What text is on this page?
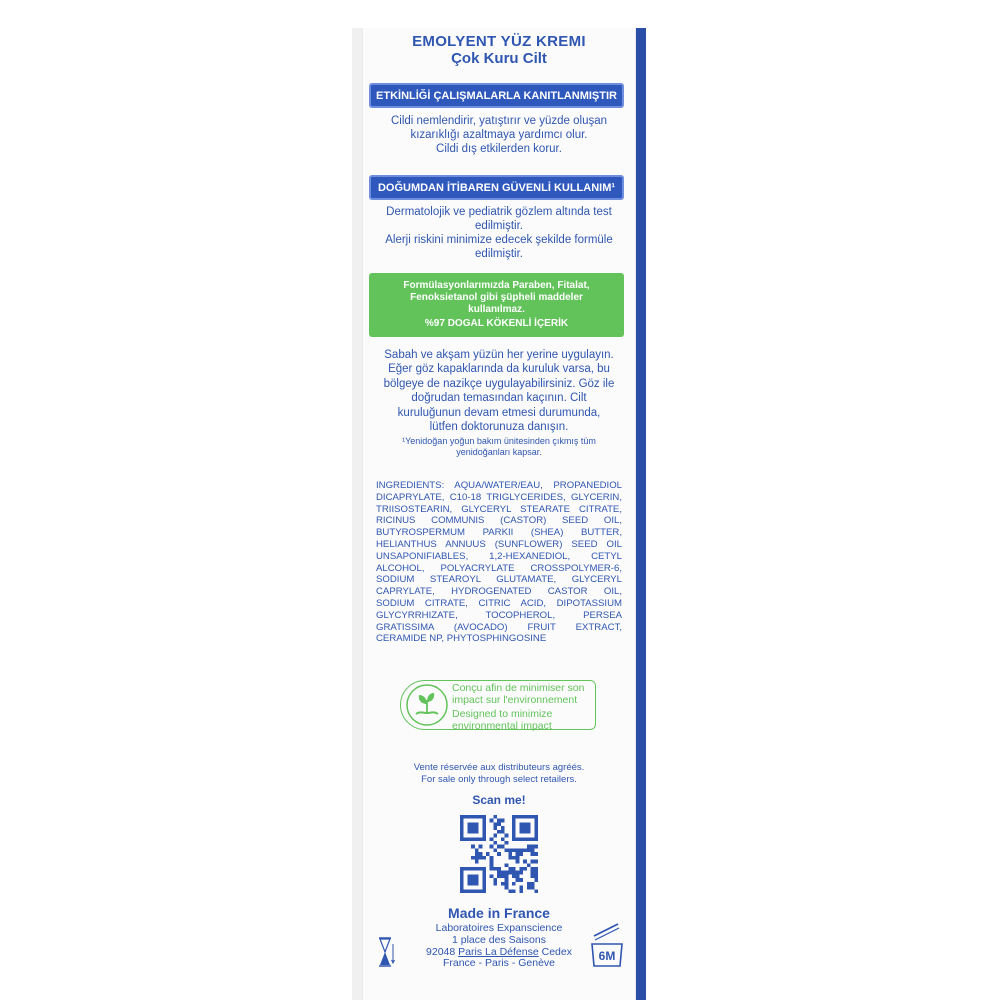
EMOLYENT YÜZ KREMI
Çok Kuru Cilt
ETKİNLİĞİ ÇALIŞMALARLA KANITLANMIŞTIR
Cildi nemlendirir, yatıştırır ve yüzde oluşan
kızarıklığı azaltmaya yardımcı olur.
Cildi dış etkilerden korur.
DOĞUMDAN İTİBAREN GÜVENLİ KULLANIM¹
Dermatolojik ve pediatrik gözlem altında test
edilmiştir.
Alerji riskini minimize edecek şekilde formüle
edilmiştir.
Formülasyonlarımızda Paraben, Fitalat,
Fenoksietanol gibi şüpheli maddeler
kullanılmaz.
%97 DOGAL KÖKENLİ İÇERİK
Sabah ve akşam yüzün her yerine uygulayın.
Eğer göz kapaklarında da kuruluk varsa, bu
bölgeye de nazikçe uygulayabilirsiniz. Göz ile
doğrudan temasından kaçının. Cilt
kuruluğunun devam etmesi durumunda,
lütfen doktorunuza danışın.
¹Yenidoğan yoğun bakım ünitesinden çıkmış tüm
yenidoğanları kapsar.
INGREDIENTS: AQUA/WATER/EAU, PROPANEDIOL DICAPRYLATE, C10-18 TRIGLYCERIDES, GLYCERIN, TRIISOSTEARIN, GLYCERYL STEARATE CITRATE, RICINUS COMMUNIS (CASTOR) SEED OIL, BUTYROSPERMUM PARKII (SHEA) BUTTER, HELIANTHUS ANNUUS (SUNFLOWER) SEED OIL UNSAPONIFIABLES, 1,2-HEXANEDIOL, CETYL ALCOHOL, POLYACRYLATE CROSSPOLYMER-6, SODIUM STEAROYL GLUTAMATE, GLYCERYL CAPRYLATE, HYDROGENATED CASTOR OIL, SODIUM CITRATE, CITRIC ACID, DIPOTASSIUM GLYCYRRHIZATE, TOCOPHEROL, PERSEA GRATISSIMA (AVOCADO) FRUIT EXTRACT, CERAMIDE NP, PHYTOSPHINGOSINE
Conçu afin de minimiser son impact sur l'environnement
Designed to minimize environmental impact
Vente réservée aux distributeurs agréés.
For sale only through select retailers.
Scan me!
Made in France
Laboratoires Expanscience
1 place des Saisons
92048 Paris La Défense Cedex
France - Paris - Genève
6M
